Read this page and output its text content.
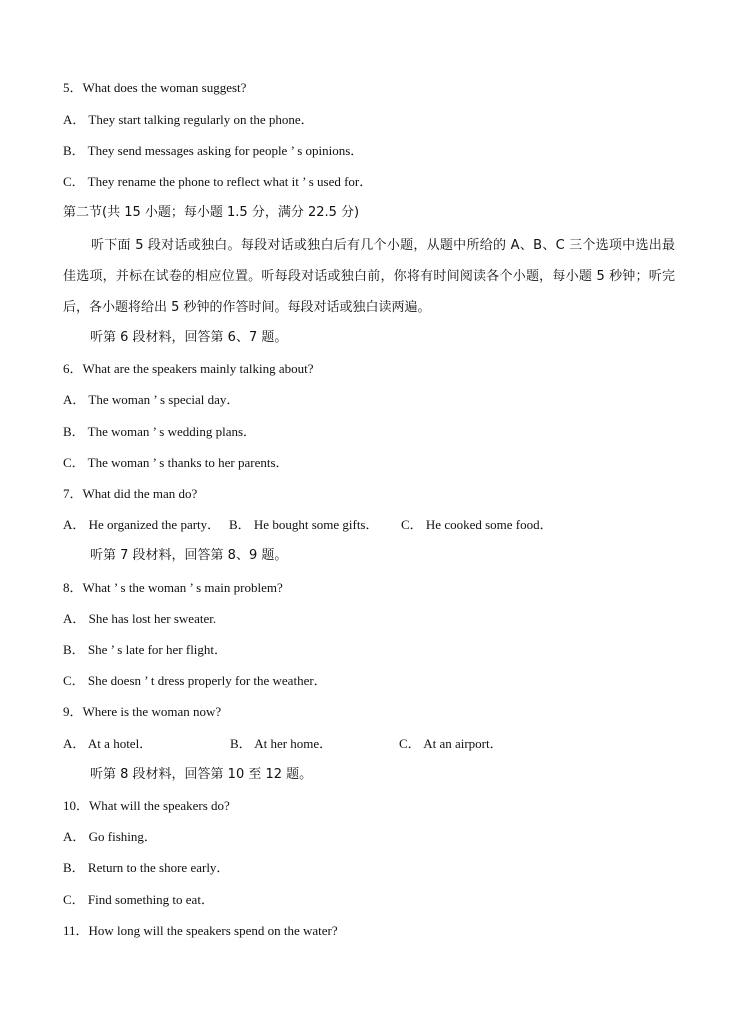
5．What does the woman suggest?
A． They start talking regularly on the phone．
B． They send messages asking for people ’ s opinions．
C． They rename the phone to reflect what it ’ s used for．
第二节(共 15 小题；每小题 1.5 分，满分 22.5 分)
听下面 5 段对话或独白。每段对话或独白后有几个小题，从题中所给的 A、B、C 三个选项中选出最佳选项，并标在试卷的相应位置。听每段对话或独白前，你将有时间阅读各个小题，每小题 5 秒钟；听完后，各小题将给出 5 秒钟的作答时间。每段对话或独白读两遍。
听第 6 段材料，回答第 6、7 题。
6．What are the speakers mainly talking about?
A． The woman ’ s special day．
B． The woman ’ s wedding plans．
C． The woman ’ s thanks to her parents．
7．What did the man do?
A． He organized the party． B． He bought some gifts． C． He cooked some food．
听第 7 段材料，回答第 8、9 题。
8．What ’ s the woman ’ s main problem?
A． She has lost her sweater.
B． She ’ s late for her flight．
C． She doesn ’ t dress properly for the weather．
9．Where is the woman now?
A． At a hotel．	B． At her home．	C． At an airport．
听第 8 段材料，回答第 10 至 12 题。
10．What will the speakers do?
A． Go fishing．
B． Return to the shore early．
C． Find something to eat．
11．How long will the speakers spend on the water?
